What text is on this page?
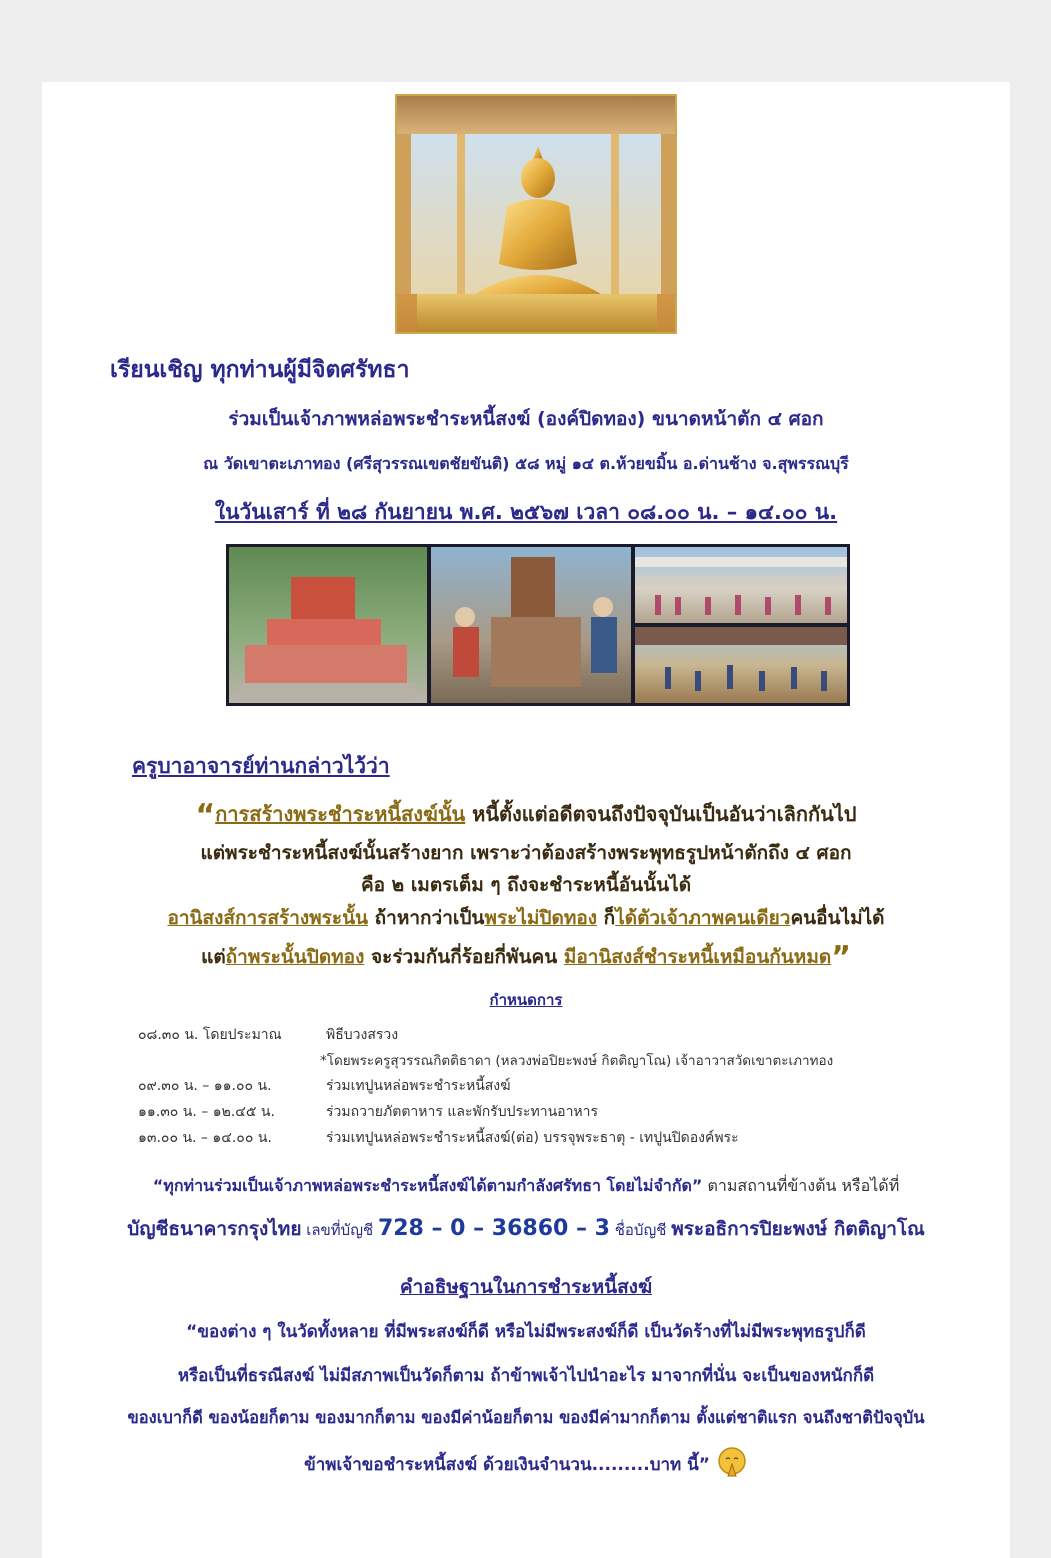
เรียนเชิญ ทุกท่านผู้มีจิตศรัทธา
ร่วมเป็นเจ้าภาพหล่อพระชำระหนี้สงฆ์ (องค์ปิดทอง) ขนาดหน้าตัก ๔ ศอก
ณ วัดเขาตะเภาทอง (ศรีสุวรรณเขตชัยขันติ) ๕๘ หมู่ ๑๔ ต.ห้วยขมิ้น อ.ด่านช้าง จ.สุพรรณบุรี
ในวันเสาร์ ที่ ๒๘ กันยายน พ.ศ. ๒๕๖๗ เวลา ๐๘.๐๐ น. – ๑๔.๐๐ น.
ครูบาอาจารย์ท่านกล่าวไว้ว่า
“การสร้างพระชำระหนี้สงฆ์นั้น หนี้ตั้งแต่อดีตจนถึงปัจจุบันเป็นอันว่าเลิกกันไป
แต่พระชำระหนี้สงฆ์นั้นสร้างยาก เพราะว่าต้องสร้างพระพุทธรูปหน้าตักถึง ๔ ศอก
คือ ๒ เมตรเต็ม ๆ ถึงจะชำระหนี้อันนั้นได้
อานิสงส์การสร้างพระนั้น ถ้าหากว่าเป็นพระไม่ปิดทอง ก็ได้ตัวเจ้าภาพคนเดียวคนอื่นไม่ได้
แต่ถ้าพระนั้นปิดทอง จะร่วมกันกี่ร้อยกี่พันคน มีอานิสงส์ชำระหนี้เหมือนกันหมด”
กำหนดการ
๐๘.๓๐ น. โดยประมาณ	พิธีบวงสรวง
*โดยพระครูสุวรรณกิตติธาดา (หลวงพ่อปิยะพงษ์ กิตติญาโณ) เจ้าอาวาสวัดเขาตะเภาทอง
๐๙.๓๐ น. – ๑๑.๐๐ น.	ร่วมเทปูนหล่อพระชำระหนี้สงฆ์
๑๑.๓๐ น. – ๑๒.๔๕ น.	ร่วมถวายภัตตาหาร และพักรับประทานอาหาร
๑๓.๐๐ น. – ๑๔.๐๐ น.	ร่วมเทปูนหล่อพระชำระหนี้สงฆ์(ต่อ) บรรจุพระธาตุ - เทปูนปิดองค์พระ
“ทุกท่านร่วมเป็นเจ้าภาพหล่อพระชำระหนี้สงฆ์ได้ตามกำลังศรัทธา โดยไม่จำกัด” ตามสถานที่ข้างต้น หรือได้ที่
บัญชีธนาคารกรุงไทย เลขที่บัญชี 728 – 0 – 36860 – 3 ชื่อบัญชี พระอธิการปิยะพงษ์ กิตติญาโณ
คำอธิษฐานในการชำระหนี้สงฆ์
“ของต่าง ๆ ในวัดทั้งหลาย ที่มีพระสงฆ์ก็ดี หรือไม่มีพระสงฆ์ก็ดี เป็นวัดร้างที่ไม่มีพระพุทธรูปก็ดี
หรือเป็นที่ธรณีสงฆ์ ไม่มีสภาพเป็นวัดก็ตาม ถ้าข้าพเจ้าไปนำอะไร มาจากที่นั่น จะเป็นของหนักก็ดี
ของเบาก็ดี ของน้อยก็ตาม ของมากก็ตาม ของมีค่าน้อยก็ตาม ของมีค่ามากก็ตาม ตั้งแต่ชาติแรก จนถึงชาติปัจจุบัน
ข้าพเจ้าขอชำระหนี้สงฆ์ ด้วยเงินจำนวน.........บาท นี้”
